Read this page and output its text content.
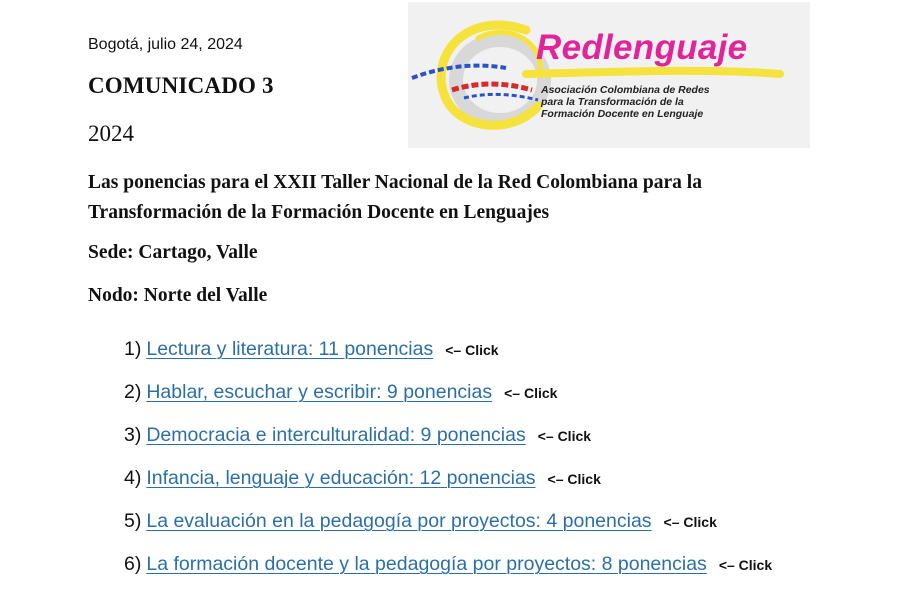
Bogotá, julio 24, 2024
COMUNICADO 3
2024
Redlenguaje
Asociación Colombiana de Redes
para la Transformación de la
Formación Docente en Lenguaje
Las ponencias para el XXII Taller Nacional de la Red Colombiana para la
Transformación de la Formación Docente en Lenguajes
Sede: Cartago, Valle
Nodo: Norte del Valle
1) Lectura y literatura: 11 ponencias <– Click
2) Hablar, escuchar y escribir: 9 ponencias <– Click
3) Democracia e interculturalidad: 9 ponencias <– Click
4) Infancia, lenguaje y educación: 12 ponencias <– Click
5) La evaluación en la pedagogía por proyectos: 4 ponencias <– Click
6) La formación docente y la pedagogía por proyectos: 8 ponencias <– Click
